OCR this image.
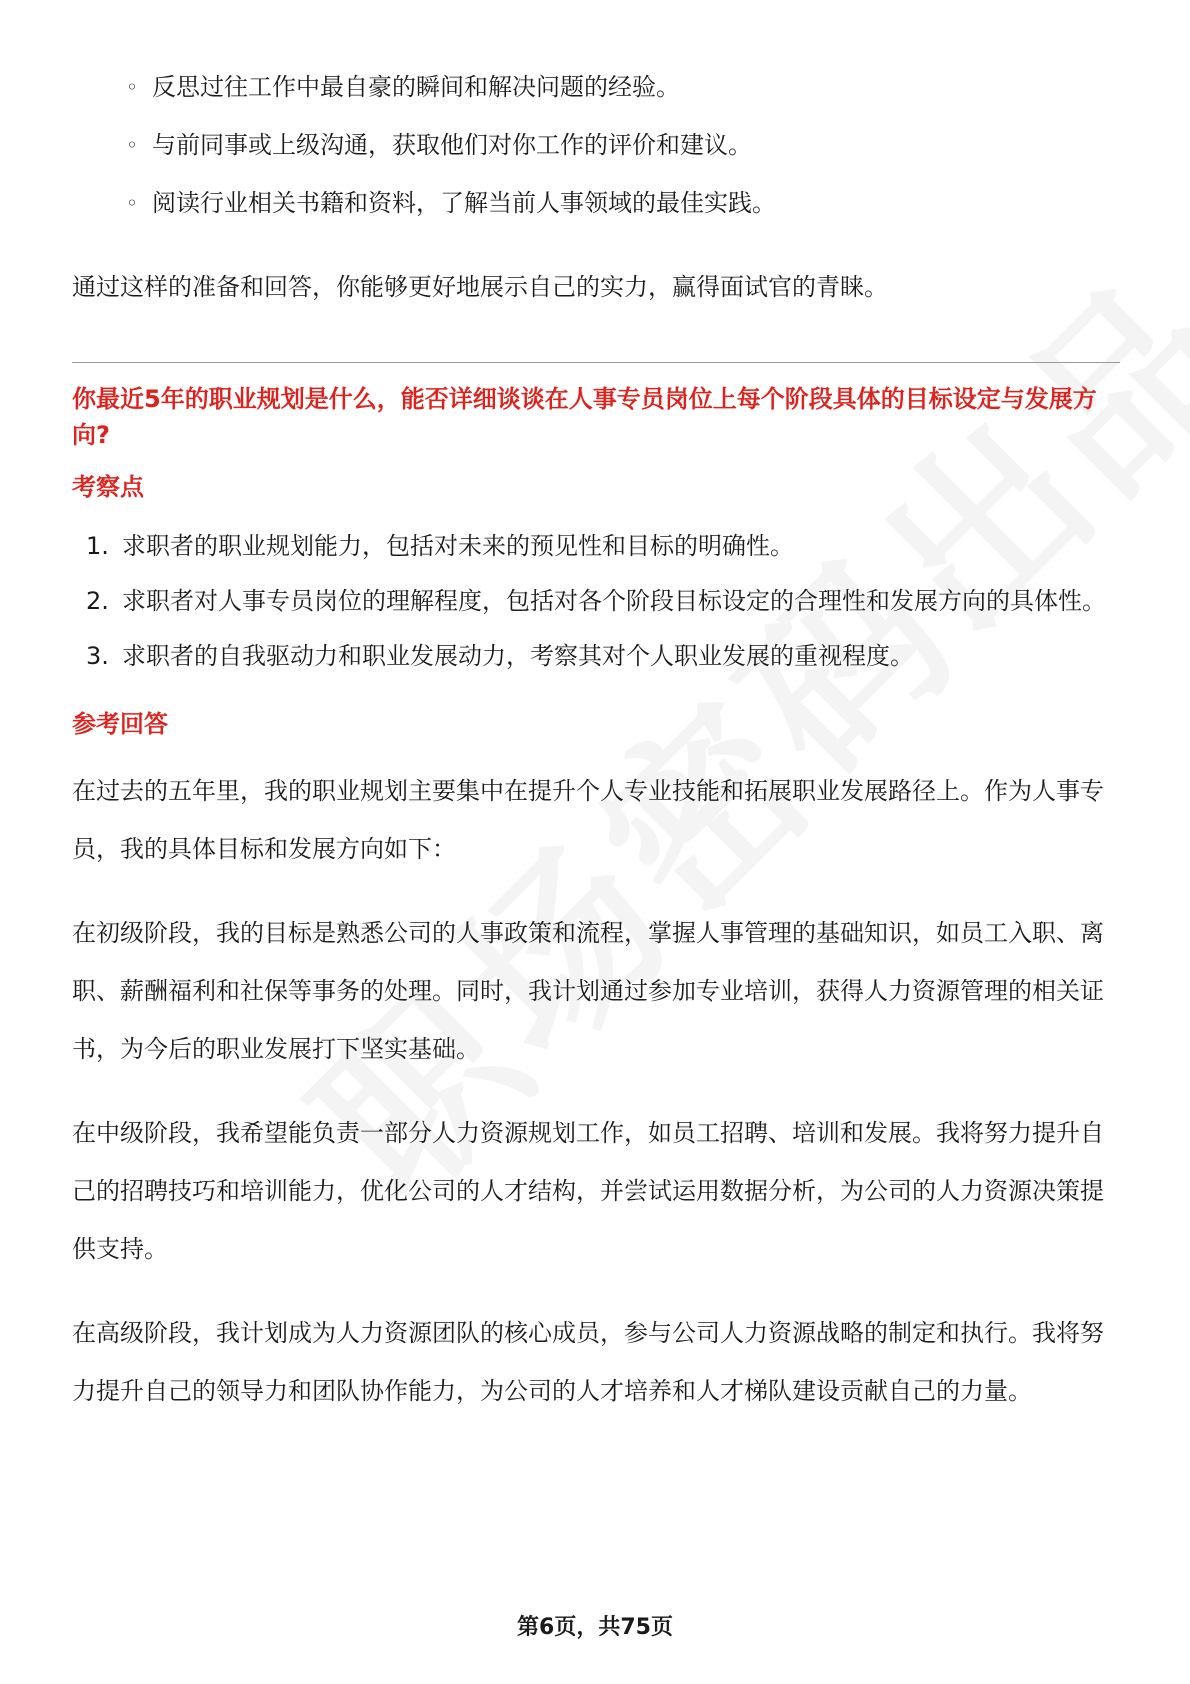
◦ 反思过往工作中最自豪的瞬间和解决问题的经验。
◦ 与前同事或上级沟通，获取他们对你工作的评价和建议。
◦ 阅读行业相关书籍和资料，了解当前人事领域的最佳实践。

通过这样的准备和回答，你能够更好地展示自己的实力，赢得面试官的青睐。

你最近5年的职业规划是什么，能否详细谈谈在人事专员岗位上每个阶段具体的目标设定与发展方向?
考察点
1. 求职者的职业规划能力，包括对未来的预见性和目标的明确性。
2. 求职者对人事专员岗位的理解程度，包括对各个阶段目标设定的合理性和发展方向的具体性。
3. 求职者的自我驱动力和职业发展动力，考察其对个人职业发展的重视程度。
参考回答

在过去的五年里，我的职业规划主要集中在提升个人专业技能和拓展职业发展路径上。作为人事专员，我的具体目标和发展方向如下：

在初级阶段，我的目标是熟悉公司的人事政策和流程，掌握人事管理的基础知识，如员工入职、离职、薪酬福利和社保等事务的处理。同时，我计划通过参加专业培训，获得人力资源管理的相关证书，为今后的职业发展打下坚实基础。

在中级阶段，我希望能负责一部分人力资源规划工作，如员工招聘、培训和发展。我将努力提升自己的招聘技巧和培训能力，优化公司的人才结构，并尝试运用数据分析，为公司的人力资源决策提供支持。

在高级阶段，我计划成为人力资源团队的核心成员，参与公司人力资源战略的制定和执行。我将努力提升自己的领导力和团队协作能力，为公司的人才培养和人才梯队建设贡献自己的力量。

第6页，共75页
